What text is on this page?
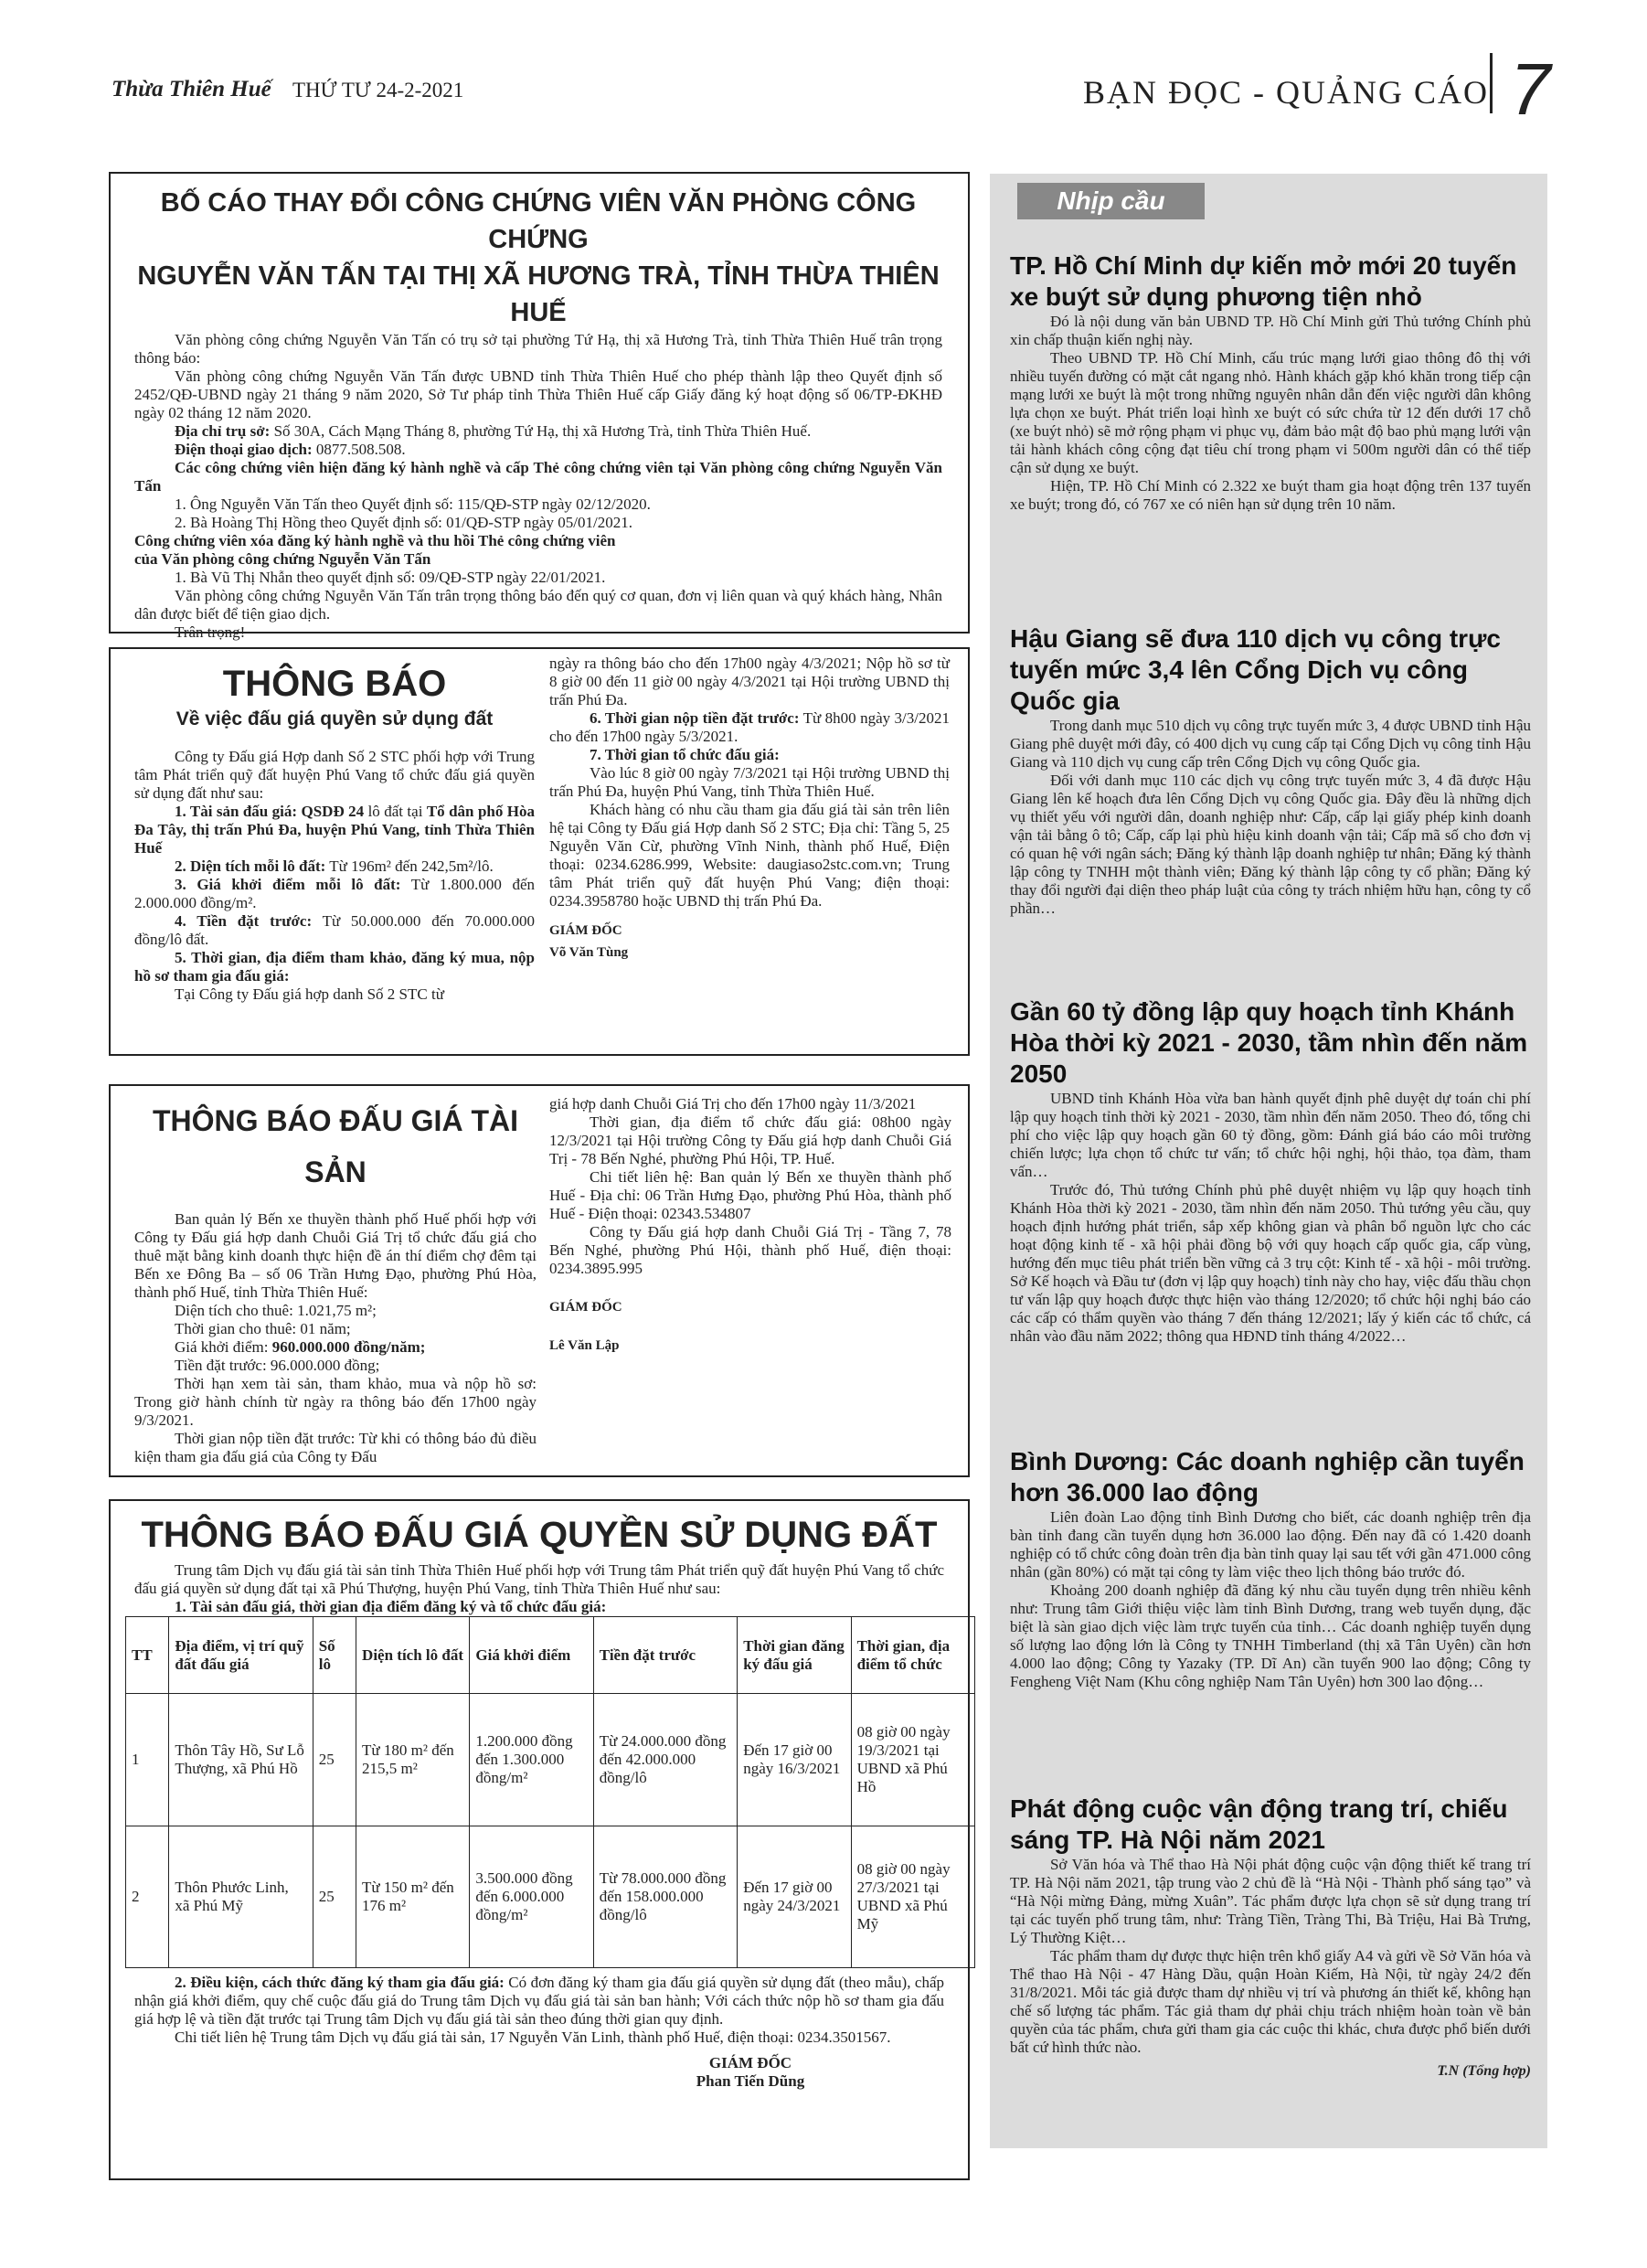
Thừa Thiên Huế THỨ TƯ 24-2-2021	BẠN ĐỌC - QUẢNG CÁO 7
BỐ CÁO THAY ĐỔI CÔNG CHỨNG VIÊN VĂN PHÒNG CÔNG CHỨNG
NGUYỄN VĂN TẤN TẠI THỊ XÃ HƯƠNG TRÀ, TỈNH THỪA THIÊN HUẾ

Văn phòng công chứng Nguyễn Văn Tấn có trụ sở tại phường Tứ Hạ, thị xã Hương Trà, tỉnh Thừa Thiên Huế trân trọng thông báo:

Văn phòng công chứng Nguyễn Văn Tấn được UBND tỉnh Thừa Thiên Huế cho phép thành lập theo Quyết định số 2452/QĐ-UBND ngày 21 tháng 9 năm 2020, Sở Tư pháp tỉnh Thừa Thiên Huế cấp Giấy đăng ký hoạt động số 06/TP-ĐKHĐ ngày 02 tháng 12 năm 2020.

Địa chỉ trụ sở: Số 30A, Cách Mạng Tháng 8, phường Tứ Hạ, thị xã Hương Trà, tỉnh Thừa Thiên Huế.

Điện thoại giao dịch: 0877.508.508.

Các công chứng viên hiện đăng ký hành nghề và cấp Thẻ công chứng viên tại Văn phòng công chứng Nguyễn Văn Tấn

1. Ông Nguyễn Văn Tấn theo Quyết định số: 115/QĐ-STP ngày 02/12/2020.

2. Bà Hoàng Thị Hồng theo Quyết định số: 01/QĐ-STP ngày 05/01/2021.

Công chứng viên xóa đăng ký hành nghề và thu hồi Thẻ công chứng viên

của Văn phòng công chứng Nguyễn Văn Tấn

1. Bà Vũ Thị Nhẫn theo quyết định số: 09/QĐ-STP ngày 22/01/2021.

Văn phòng công chứng Nguyễn Văn Tấn trân trọng thông báo đến quý cơ quan, đơn vị liên quan và quý khách hàng, Nhân dân được biết để tiện giao dịch.

Trân trọng!

THÔNG BÁO
Về việc đấu giá quyền sử dụng đất

Công ty Đấu giá Hợp danh Số 2 STC phối hợp với Trung tâm Phát triển quỹ đất huyện Phú Vang tổ chức đấu giá quyền sử dụng đất như sau:

1. Tài sản đấu giá: QSDĐ 24 lô đất tại Tổ dân phố Hòa Đa Tây, thị trấn Phú Đa, huyện Phú Vang, tỉnh Thừa Thiên Huế

2. Diện tích mỗi lô đất: Từ 196m² đến 242,5m²/lô.

3. Giá khởi điểm mỗi lô đất: Từ 1.800.000 đến 2.000.000 đồng/m².

4. Tiền đặt trước: Từ 50.000.000 đến 70.000.000 đồng/lô đất.

5. Thời gian, địa điểm tham khảo, đăng ký mua, nộp hồ sơ tham gia đấu giá:

Tại Công ty Đấu giá hợp danh Số 2 STC từ

ngày ra thông báo cho đến 17h00 ngày 4/3/2021; Nộp hồ sơ từ 8 giờ 00 đến 11 giờ 00 ngày 4/3/2021 tại Hội trường UBND thị trấn Phú Đa.

6. Thời gian nộp tiền đặt trước: Từ 8h00 ngày 3/3/2021 cho đến 17h00 ngày 5/3/2021.

7. Thời gian tổ chức đấu giá:

Vào lúc 8 giờ 00 ngày 7/3/2021 tại Hội trường UBND thị trấn Phú Đa, huyện Phú Vang, tỉnh Thừa Thiên Huế.

Khách hàng có nhu cầu tham gia đấu giá tài sản trên liên hệ tại Công ty Đấu giá Hợp danh Số 2 STC; Địa chỉ: Tầng 5, 25 Nguyễn Văn Cừ, phường Vĩnh Ninh, thành phố Huế, Điện thoại: 0234.6286.999, Website: daugiaso2stc.com.vn; Trung tâm Phát triển quỹ đất huyện Phú Vang; điện thoại: 0234.3958780 hoặc UBND thị trấn Phú Đa.

GIÁM ĐỐC

Võ Văn Tùng

THÔNG BÁO ĐẤU GIÁ TÀI SẢN

Ban quản lý Bến xe thuyền thành phố Huế phối hợp với Công ty Đấu giá hợp danh Chuỗi Giá Trị tổ chức đấu giá cho thuê mặt bằng kinh doanh thực hiện đề án thí điểm chợ đêm tại Bến xe Đông Ba – số 06 Trần Hưng Đạo, phường Phú Hòa, thành phố Huế, tỉnh Thừa Thiên Huế:

Diện tích cho thuê: 1.021,75 m²;

Thời gian cho thuê: 01 năm;

Giá khởi điểm: 960.000.000 đồng/năm;

Tiền đặt trước: 96.000.000 đồng;

Thời hạn xem tài sản, tham khảo, mua và nộp hồ sơ: Trong giờ hành chính từ ngày ra thông báo đến 17h00 ngày 9/3/2021.

Thời gian nộp tiền đặt trước: Từ khi có thông báo đủ điều kiện tham gia đấu giá của Công ty Đấu

giá hợp danh Chuỗi Giá Trị cho đến 17h00 ngày 11/3/2021

Thời gian, địa điểm tổ chức đấu giá: 08h00 ngày 12/3/2021 tại Hội trường Công ty Đấu giá hợp danh Chuỗi Giá Trị - 78 Bến Nghé, phường Phú Hội, TP. Huế.

Chi tiết liên hệ: Ban quản lý Bến xe thuyền thành phố Huế - Địa chỉ: 06 Trần Hưng Đạo, phường Phú Hòa, thành phố Huế - Điện thoại: 02343.534807

Công ty Đấu giá hợp danh Chuỗi Giá Trị - Tầng 7, 78 Bến Nghé, phường Phú Hội, thành phố Huế, điện thoại: 0234.3895.995

GIÁM ĐỐC

Lê Văn Lập

THÔNG BÁO ĐẤU GIÁ QUYỀN SỬ DỤNG ĐẤT

Trung tâm Dịch vụ đấu giá tài sản tỉnh Thừa Thiên Huế phối hợp với Trung tâm Phát triển quỹ đất huyện Phú Vang tổ chức đấu giá quyền sử dụng đất tại xã Phú Thượng, huyện Phú Vang, tỉnh Thừa Thiên Huế như sau:

1. Tài sản đấu giá, thời gian địa điểm đăng ký và tổ chức đấu giá:

TT	Địa điểm, vị trí quỹ đất đấu giá	Số lô	Diện tích lô đất	Giá khởi điểm	Tiền đặt trước	Thời gian đăng ký đấu giá	Thời gian, địa điểm tổ chức
1	Thôn Tây Hồ, Sư Lỗ Thượng, xã Phú Hồ	25	Từ 180 m² đến 215,5 m²	1.200.000 đồng đến 1.300.000 đồng/m²	Từ 24.000.000 đồng đến 42.000.000 đồng/lô	Đến 17 giờ 00 ngày 16/3/2021	08 giờ 00 ngày 19/3/2021 tại UBND xã Phú Hồ
2	Thôn Phước Linh, xã Phú Mỹ	25	Từ 150 m² đến 176 m²	3.500.000 đồng đến 6.000.000 đồng/m²	Từ 78.000.000 đồng đến 158.000.000 đồng/lô	Đến 17 giờ 00 ngày 24/3/2021	08 giờ 00 ngày 27/3/2021 tại UBND xã Phú Mỹ

2. Điều kiện, cách thức đăng ký tham gia đấu giá: Có đơn đăng ký tham gia đấu giá quyền sử dụng đất (theo mẫu), chấp nhận giá khởi điểm, quy chế cuộc đấu giá do Trung tâm Dịch vụ đấu giá tài sản ban hành; Với cách thức nộp hồ sơ tham gia đấu giá hợp lệ và tiền đặt trước tại Trung tâm Dịch vụ đấu giá tài sản theo đúng thời gian quy định.

Chi tiết liên hệ Trung tâm Dịch vụ đấu giá tài sản, 17 Nguyễn Văn Linh, thành phố Huế, điện thoại: 0234.3501567.

GIÁM ĐỐC

Phan Tiến Dũng

Nhịp cầu
TP. Hồ Chí Minh dự kiến mở mới 20 tuyến xe buýt sử dụng phương tiện nhỏ

Đó là nội dung văn bản UBND TP. Hồ Chí Minh gửi Thủ tướng Chính phủ xin chấp thuận kiến nghị này.

Theo UBND TP. Hồ Chí Minh, cấu trúc mạng lưới giao thông đô thị với nhiều tuyến đường có mặt cắt ngang nhỏ. Hành khách gặp khó khăn trong tiếp cận mạng lưới xe buýt là một trong những nguyên nhân dẫn đến việc người dân không lựa chọn xe buýt. Phát triển loại hình xe buýt có sức chứa từ 12 đến dưới 17 chỗ (xe buýt nhỏ) sẽ mở rộng phạm vi phục vụ, đảm bảo mật độ bao phủ mạng lưới vận tải hành khách công cộng đạt tiêu chí trong phạm vi 500m người dân có thể tiếp cận sử dụng xe buýt.

Hiện, TP. Hồ Chí Minh có 2.322 xe buýt tham gia hoạt động trên 137 tuyến xe buýt; trong đó, có 767 xe có niên hạn sử dụng trên 10 năm.

Hậu Giang sẽ đưa 110 dịch vụ công trực tuyến mức 3,4 lên Cổng Dịch vụ công Quốc gia

Trong danh mục 510 dịch vụ công trực tuyến mức 3, 4 được UBND tỉnh Hậu Giang phê duyệt mới đây, có 400 dịch vụ cung cấp tại Cổng Dịch vụ công tỉnh Hậu Giang và 110 dịch vụ cung cấp trên Cổng Dịch vụ công Quốc gia.

Đối với danh mục 110 các dịch vụ công trực tuyến mức 3, 4 đã được Hậu Giang lên kế hoạch đưa lên Cổng Dịch vụ công Quốc gia. Đây đều là những dịch vụ thiết yếu với người dân, doanh nghiệp như: Cấp, cấp lại giấy phép kinh doanh vận tải bằng ô tô; Cấp, cấp lại phù hiệu kinh doanh vận tải; Cấp mã số cho đơn vị có quan hệ với ngân sách; Đăng ký thành lập doanh nghiệp tư nhân; Đăng ký thành lập công ty TNHH một thành viên; Đăng ký thành lập công ty cổ phần; Đăng ký thay đổi người đại diện theo pháp luật của công ty trách nhiệm hữu hạn, công ty cổ phần…

Gần 60 tỷ đồng lập quy hoạch tỉnh Khánh Hòa thời kỳ 2021 - 2030, tầm nhìn đến năm 2050

UBND tỉnh Khánh Hòa vừa ban hành quyết định phê duyệt dự toán chi phí lập quy hoạch tỉnh thời kỳ 2021 - 2030, tầm nhìn đến năm 2050. Theo đó, tổng chi phí cho việc lập quy hoạch gần 60 tỷ đồng, gồm: Đánh giá báo cáo môi trường chiến lược; lựa chọn tổ chức tư vấn; tổ chức hội nghị, hội thảo, tọa đàm, tham vấn…

Trước đó, Thủ tướng Chính phủ phê duyệt nhiệm vụ lập quy hoạch tỉnh Khánh Hòa thời kỳ 2021 - 2030, tầm nhìn đến năm 2050. Thủ tướng yêu cầu, quy hoạch định hướng phát triển, sắp xếp không gian và phân bổ nguồn lực cho các hoạt động kinh tế - xã hội phải đồng bộ với quy hoạch cấp quốc gia, cấp vùng, hướng đến mục tiêu phát triển bền vững cả 3 trụ cột: Kinh tế - xã hội - môi trường. Sở Kế hoạch và Đầu tư (đơn vị lập quy hoạch) tỉnh này cho hay, việc đấu thầu chọn tư vấn lập quy hoạch được thực hiện vào tháng 12/2020; tổ chức hội nghị báo cáo các cấp có thẩm quyền vào tháng 7 đến tháng 12/2021; lấy ý kiến các tổ chức, cá nhân vào đầu năm 2022; thông qua HĐND tỉnh tháng 4/2022…

Bình Dương: Các doanh nghiệp cần tuyển hơn 36.000 lao động

Liên đoàn Lao động tỉnh Bình Dương cho biết, các doanh nghiệp trên địa bàn tỉnh đang cần tuyển dụng hơn 36.000 lao động. Đến nay đã có 1.420 doanh nghiệp có tổ chức công đoàn trên địa bàn tỉnh quay lại sau tết với gần 471.000 công nhân (gần 80%) có mặt tại công ty làm việc theo lịch thông báo trước đó.

Khoảng 200 doanh nghiệp đã đăng ký nhu cầu tuyển dụng trên nhiều kênh như: Trung tâm Giới thiệu việc làm tỉnh Bình Dương, trang web tuyển dụng, đặc biệt là sàn giao dịch việc làm trực tuyến của tỉnh… Các doanh nghiệp tuyển dụng số lượng lao động lớn là Công ty TNHH Timberland (thị xã Tân Uyên) cần hơn 4.000 lao động; Công ty Yazaky (TP. Dĩ An) cần tuyển 900 lao động; Công ty Fengheng Việt Nam (Khu công nghiệp Nam Tân Uyên) hơn 300 lao động…

Phát động cuộc vận động trang trí, chiếu sáng TP. Hà Nội năm 2021

Sở Văn hóa và Thể thao Hà Nội phát động cuộc vận động thiết kế trang trí TP. Hà Nội năm 2021, tập trung vào 2 chủ đề là “Hà Nội - Thành phố sáng tạo” và “Hà Nội mừng Đảng, mừng Xuân”. Tác phẩm được lựa chọn sẽ sử dụng trang trí tại các tuyến phố trung tâm, như: Tràng Tiền, Tràng Thi, Bà Triệu, Hai Bà Trưng, Lý Thường Kiệt…

Tác phẩm tham dự được thực hiện trên khổ giấy A4 và gửi về Sở Văn hóa và Thể thao Hà Nội - 47 Hàng Dầu, quận Hoàn Kiếm, Hà Nội, từ ngày 24/2 đến 31/8/2021. Mỗi tác giả được tham dự nhiều vị trí và phương án thiết kế, không hạn chế số lượng tác phẩm. Tác giả tham dự phải chịu trách nhiệm hoàn toàn về bản quyền của tác phẩm, chưa gửi tham gia các cuộc thi khác, chưa được phổ biến dưới bất cứ hình thức nào.

T.N (Tổng hợp)
